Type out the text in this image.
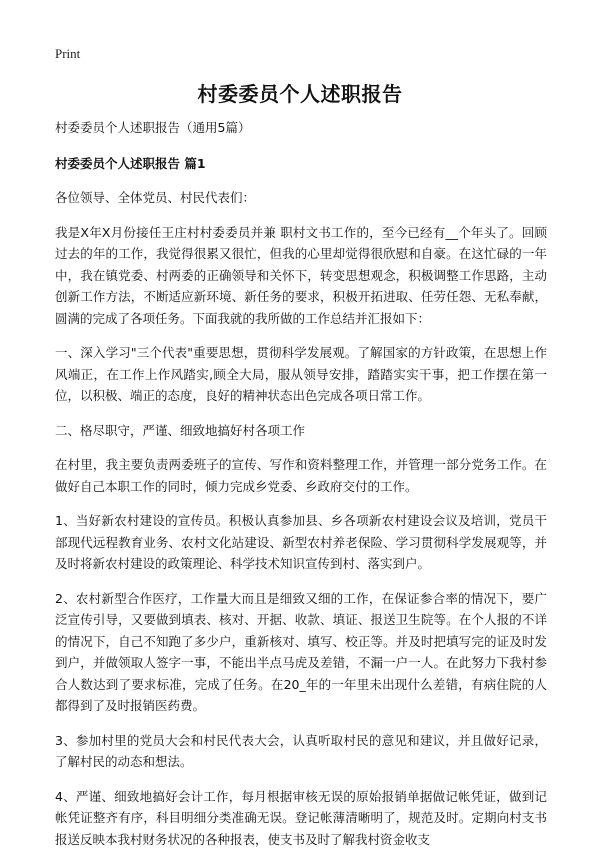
Print
村委委员个人述职报告

村委委员个人述职报告（通用5篇）

村委委员个人述职报告 篇1

各位领导、全体党员、村民代表们：

我是X年X月份接任王庄村村委委员并兼 职村文书工作的，至今已经有__个年头了。回顾过去的年的工作，我觉得很累又很忙，但我的心里却觉得很欣慰和自豪。在这忙碌的一年中，我在镇党委、村两委的正确领导和关怀下，转变思想观念，积极调整工作思路，主动创新工作方法，不断适应新环境、新任务的要求，积极开拓进取、任劳任怨、无私奉献，圆满的完成了各项任务。下面我就的我所做的工作总结并汇报如下：

一、深入学习"三个代表"重要思想，贯彻科学发展观。了解国家的方针政策，在思想上作风端正，在工作上作风踏实,顾全大局，服从领导安排，踏踏实实干事，把工作摆在第一位，以积极、端正的态度，良好的精神状态出色完成各项日常工作。

二、格尽职守，严谨、细致地搞好村各项工作

在村里，我主要负责两委班子的宣传、写作和资料整理工作，并管理一部分党务工作。在做好自己本职工作的同时，倾力完成乡党委、乡政府交付的工作。

1、当好新农村建设的宣传员。积极认真参加县、乡各项新农村建设会议及培训，党员干部现代远程教育业务、农村文化站建设、新型农村养老保险、学习贯彻科学发展观等，并及时将新农村建设的政策理论、科学技术知识宣传到村、落实到户。

2、农村新型合作医疗，工作量大而且是细致又细的工作，在保证参合率的情况下，要广泛宣传引导，又要做到填表、核对、开据、收款、填证、报送卫生院等。在个人报的不详的情况下，自己不知跑了多少户，重新核对、填写、校正等。并及时把填写完的证及时发到户，并做领取人签字一事，不能出半点马虎及差错，不漏一户一人。在此努力下我村参合人数达到了要求标准，完成了任务。在20_年的一年里未出现什么差错，有病住院的人都得到了及时报销医药费。

3、参加村里的党员大会和村民代表大会，认真听取村民的意见和建议，并且做好记录，了解村民的动态和想法。

4、严谨、细致地搞好会计工作，每月根据审核无误的原始报销单据做记帐凭证，做到记帐凭证整齐有序，科目明细分类准确无误。登记帐薄清晰明了，规范及时。定期向村支书报送反映本我村财务状况的各种报表，使支书及时了解我村资金收支
